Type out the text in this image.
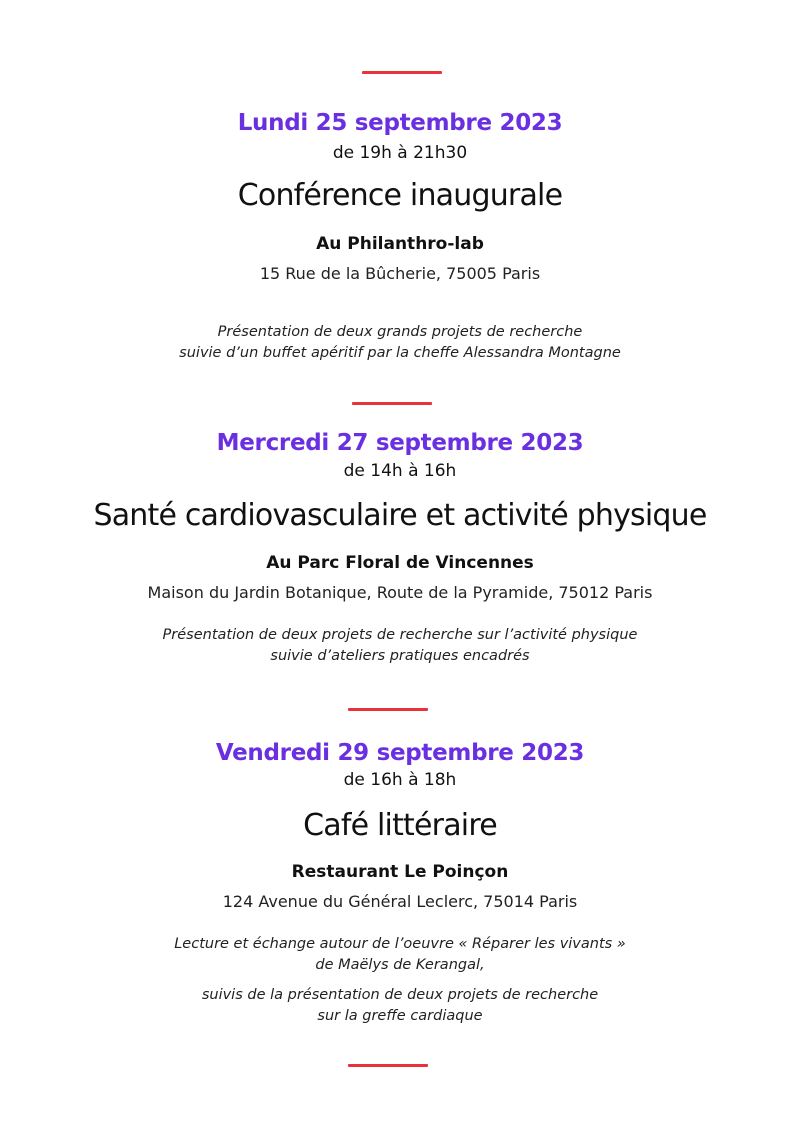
Lundi 25 septembre 2023
de 19h à 21h30
Conférence inaugurale
Au Philanthro-lab
15 Rue de la Bûcherie, 75005 Paris
Présentation de deux grands projets de recherche
suivie d’un buffet apéritif par la cheffe Alessandra Montagne
Mercredi 27 septembre 2023
de 14h à 16h
Santé cardiovasculaire et activité physique
Au Parc Floral de Vincennes
Maison du Jardin Botanique, Route de la Pyramide, 75012 Paris
Présentation de deux projets de recherche sur l’activité physique
suivie d’ateliers pratiques encadrés
Vendredi 29 septembre 2023
de 16h à 18h
Café littéraire
Restaurant Le Poinçon
124 Avenue du Général Leclerc, 75014 Paris
Lecture et échange autour de l’oeuvre « Réparer les vivants »
de Maëlys de Kerangal,
suivis de la présentation de deux projets de recherche
sur la greffe cardiaque
